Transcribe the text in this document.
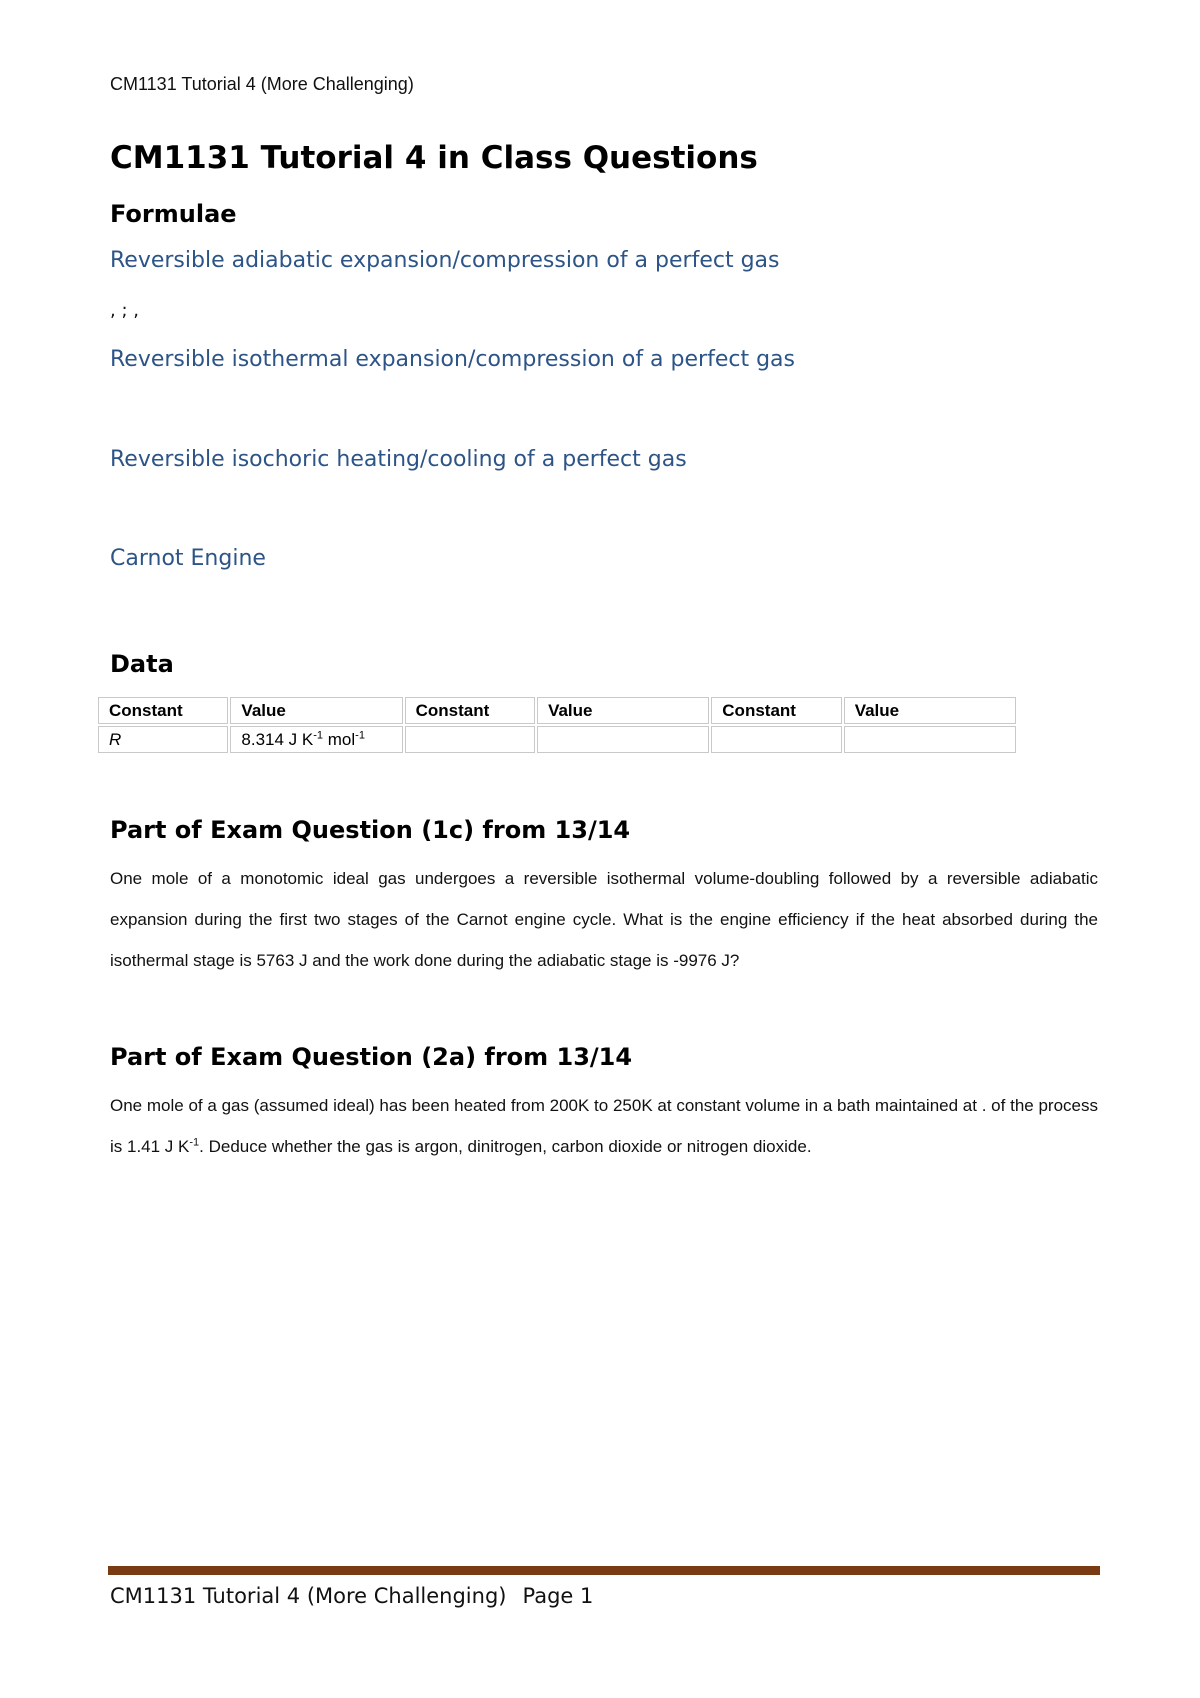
CM1131 Tutorial 4 (More Challenging)
CM1131 Tutorial 4 in Class Questions
Formulae
Reversible adiabatic expansion/compression of a perfect gas
, ; ,
Reversible isothermal expansion/compression of a perfect gas
Reversible isochoric heating/cooling of a perfect gas
Carnot Engine
Data
Constant	Value	Constant	Value	Constant	Value
R	8.314 J $K^{-1}$ mol$^{-1}$				
Part of Exam Question (1c) from 13/14

One mole of a monotomic ideal gas undergoes a reversible isothermal volume-doubling followed by a reversible adiabatic expansion during the first two stages of the Carnot engine cycle. What is the engine efficiency if the heat absorbed during the isothermal stage is 5763 J and the work done during the adiabatic stage is -9976 J?

Part of Exam Question (2a) from 13/14

One mole of a gas (assumed ideal) has been heated from 200K to 250K at constant volume in a bath maintained at . of the process is 1.41 J $K^{-1}$. Deduce whether the gas is argon, dinitrogen, carbon dioxide or nitrogen dioxide.

CM1131 Tutorial 4 (More Challenging) Page 1
